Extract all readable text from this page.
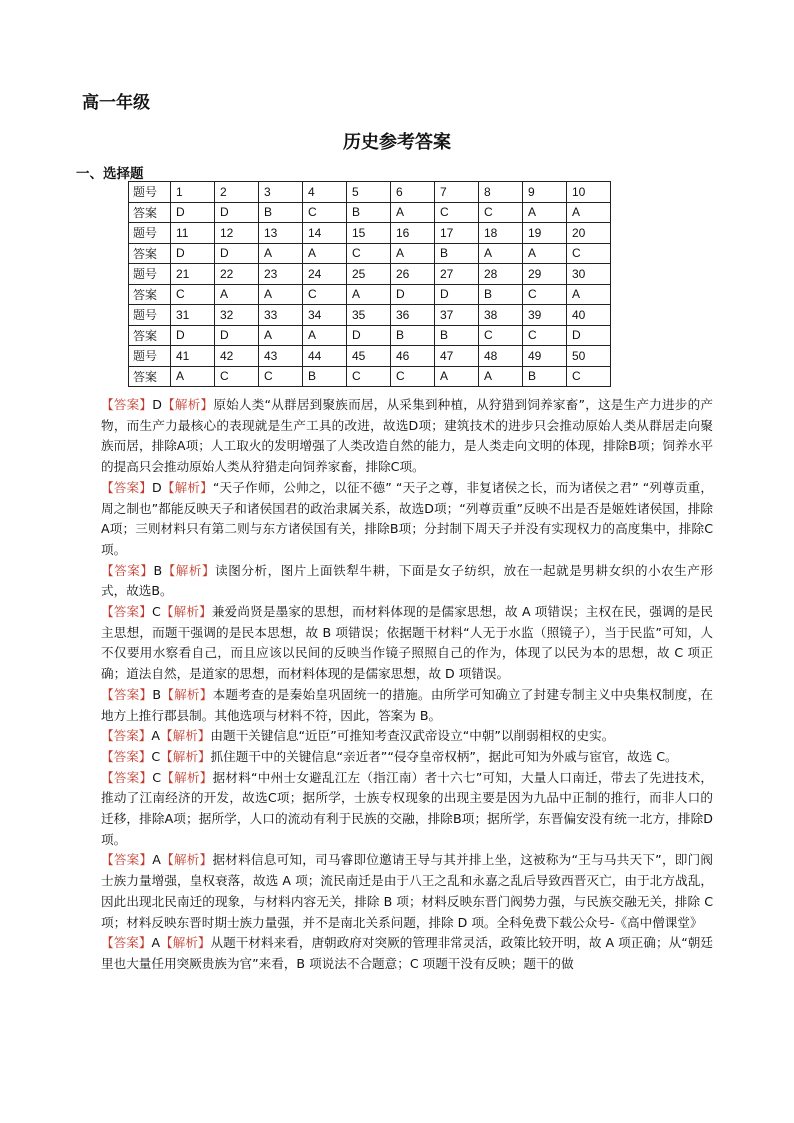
高一年级
历史参考答案
一、选择题
题号	1	2	3	4	5	6	7	8	9	10
答案	D	D	B	C	B	A	C	C	A	A
题号	11	12	13	14	15	16	17	18	19	20
答案	D	D	A	A	C	A	B	A	A	C
题号	21	22	23	24	25	26	27	28	29	30
答案	C	A	A	C	A	D	D	B	C	A
题号	31	32	33	34	35	36	37	38	39	40
答案	D	D	A	A	D	B	B	C	C	D
题号	41	42	43	44	45	46	47	48	49	50
答案	A	C	C	B	C	C	A	A	B	C

【答案】D【解析】原始人类“从群居到聚族而居，从采集到种植，从狩猎到饲养家畜”，这是生产力进步的产物，而生产力最核心的表现就是生产工具的改进，故选D项；建筑技术的进步只会推动原始人类从群居走向聚族而居，排除A项；人工取火的发明增强了人类改造自然的能力，是人类走向文明的体现，排除B项；饲养水平的提高只会推动原始人类从狩猎走向饲养家畜，排除C项。

【答案】D【解析】“天子作师，公帅之，以征不德” “天子之尊，非复诸侯之长，而为诸侯之君” “列尊贡重，周之制也”都能反映天子和诸侯国君的政治隶属关系，故选D项；“列尊贡重”反映不出是否是姬姓诸侯国，排除A项；三则材料只有第二则与东方诸侯国有关，排除B项；分封制下周天子并没有实现权力的高度集中，排除C项。

【答案】B【解析】读图分析，图片上面铁犁牛耕，下面是女子纺织，放在一起就是男耕女织的小农生产形式，故选B。

【答案】C【解析】兼爱尚贤是墨家的思想，而材料体现的是儒家思想，故 A 项错误；主权在民，强调的是民主思想，而题干强调的是民本思想，故 B 项错误；依据题干材料“人无于水监（照镜子），当于民监”可知，人不仅要用水察看自己，而且应该以民间的反映当作镜子照照自己的作为，体现了以民为本的思想，故 C 项正确；道法自然，是道家的思想，而材料体现的是儒家思想，故 D 项错误。

【答案】B【解析】本题考查的是秦始皇巩固统一的措施。由所学可知确立了封建专制主义中央集权制度，在地方上推行郡县制。其他选项与材料不符，因此，答案为 B。

【答案】A【解析】由题干关键信息“近臣”可推知考查汉武帝设立“中朝”以削弱相权的史实。

【答案】C【解析】抓住题干中的关键信息“亲近者”“侵夺皇帝权柄”，据此可知为外戚与宦官，故选 C。

【答案】C【解析】据材料“中州士女避乱江左（指江南）者十六七”可知，大量人口南迁，带去了先进技术，推动了江南经济的开发，故选C项；据所学，士族专权现象的出现主要是因为九品中正制的推行，而非人口的迁移，排除A项；据所学，人口的流动有利于民族的交融，排除B项；据所学，东晋偏安没有统一北方，排除D项。

【答案】A【解析】据材料信息可知，司马睿即位邀请王导与其并排上坐，这被称为“王与马共天下”，即门阀士族力量增强，皇权衰落，故选 A 项；流民南迁是由于八王之乱和永嘉之乱后导致西晋灭亡，由于北方战乱，因此出现北民南迁的现象，与材料内容无关，排除 B 项；材料反映东晋门阀势力强，与民族交融无关，排除 C 项；材料反映东晋时期士族力量强，并不是南北关系问题，排除 D 项。全科免费下载公众号-《高中僧课堂》

【答案】A【解析】从题干材料来看，唐朝政府对突厥的管理非常灵活，政策比较开明，故 A 项正确；从“朝廷里也大量任用突厥贵族为官”来看，B 项说法不合题意；C 项题干没有反映；题干的做
